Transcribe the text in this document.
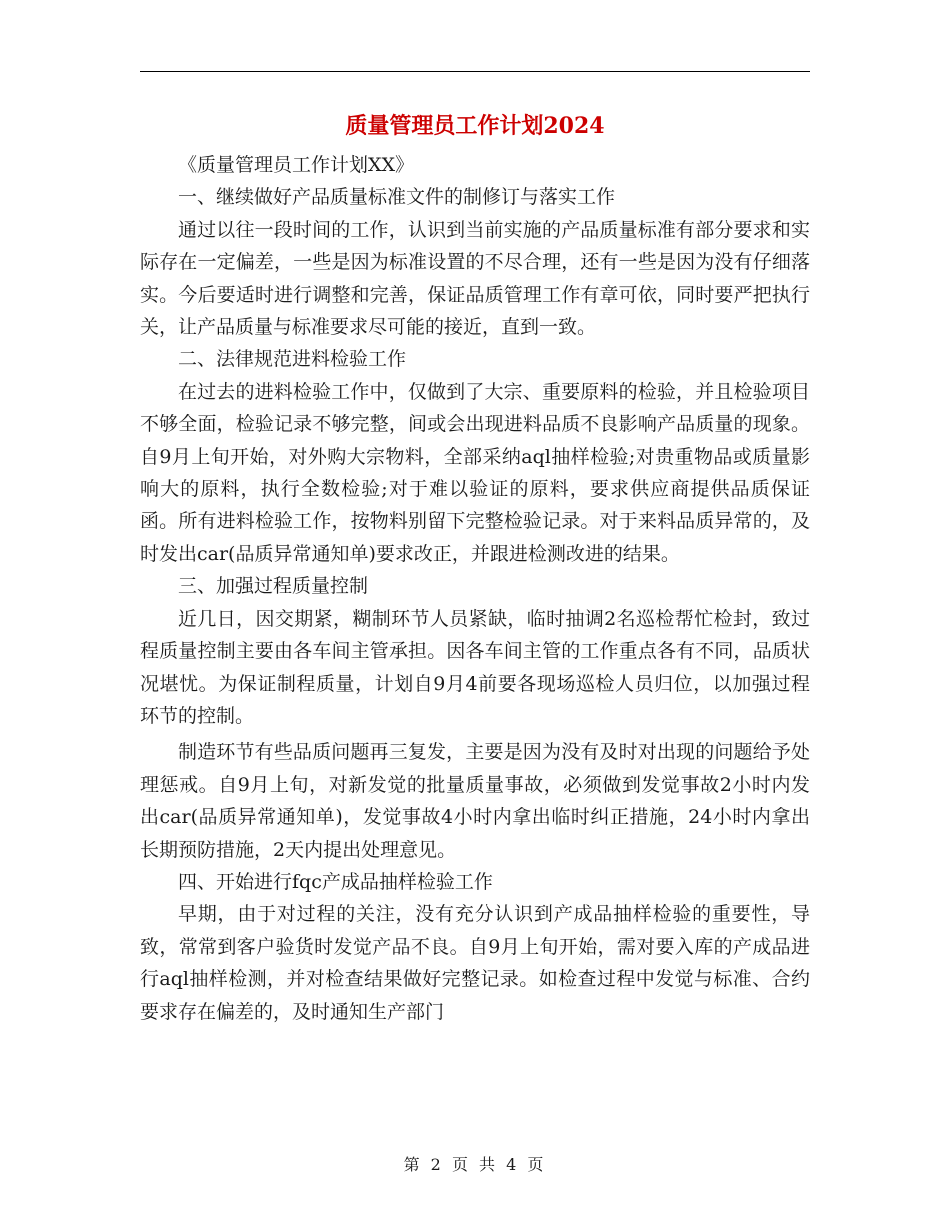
质量管理员工作计划2024

《质量管理员工作计划XX》

一、继续做好产品质量标准文件的制修订与落实工作

通过以往一段时间的工作，认识到当前实施的产品质量标准有部分要求和实际存在一定偏差，一些是因为标准设置的不尽合理，还有一些是因为没有仔细落实。今后要适时进行调整和完善，保证品质管理工作有章可依，同时要严把执行关，让产品质量与标准要求尽可能的接近，直到一致。

二、法律规范进料检验工作

在过去的进料检验工作中，仅做到了大宗、重要原料的检验，并且检验项目不够全面，检验记录不够完整，间或会出现进料品质不良影响产品质量的现象。自9月上旬开始，对外购大宗物料，全部采纳aql抽样检验;对贵重物品或质量影响大的原料，执行全数检验;对于难以验证的原料，要求供应商提供品质保证函。所有进料检验工作，按物料别留下完整检验记录。对于来料品质异常的，及时发出car(品质异常通知单)要求改正，并跟进检测改进的结果。

三、加强过程质量控制

近几日，因交期紧，糊制环节人员紧缺，临时抽调2名巡检帮忙检封，致过程质量控制主要由各车间主管承担。因各车间主管的工作重点各有不同，品质状况堪忧。为保证制程质量，计划自9月4前要各现场巡检人员归位，以加强过程环节的控制。

制造环节有些品质问题再三复发，主要是因为没有及时对出现的问题给予处理惩戒。自9月上旬，对新发觉的批量质量事故，必须做到发觉事故2小时内发出car(品质异常通知单)，发觉事故4小时内拿出临时纠正措施，24小时内拿出长期预防措施，2天内提出处理意见。

四、开始进行fqc产成品抽样检验工作

早期，由于对过程的关注，没有充分认识到产成品抽样检验的重要性，导致，常常到客户验货时发觉产品不良。自9月上旬开始，需对要入库的产成品进行aql抽样检测，并对检查结果做好完整记录。如检查过程中发觉与标准、合约要求存在偏差的，及时通知生产部门

第 2 页 共 4 页
